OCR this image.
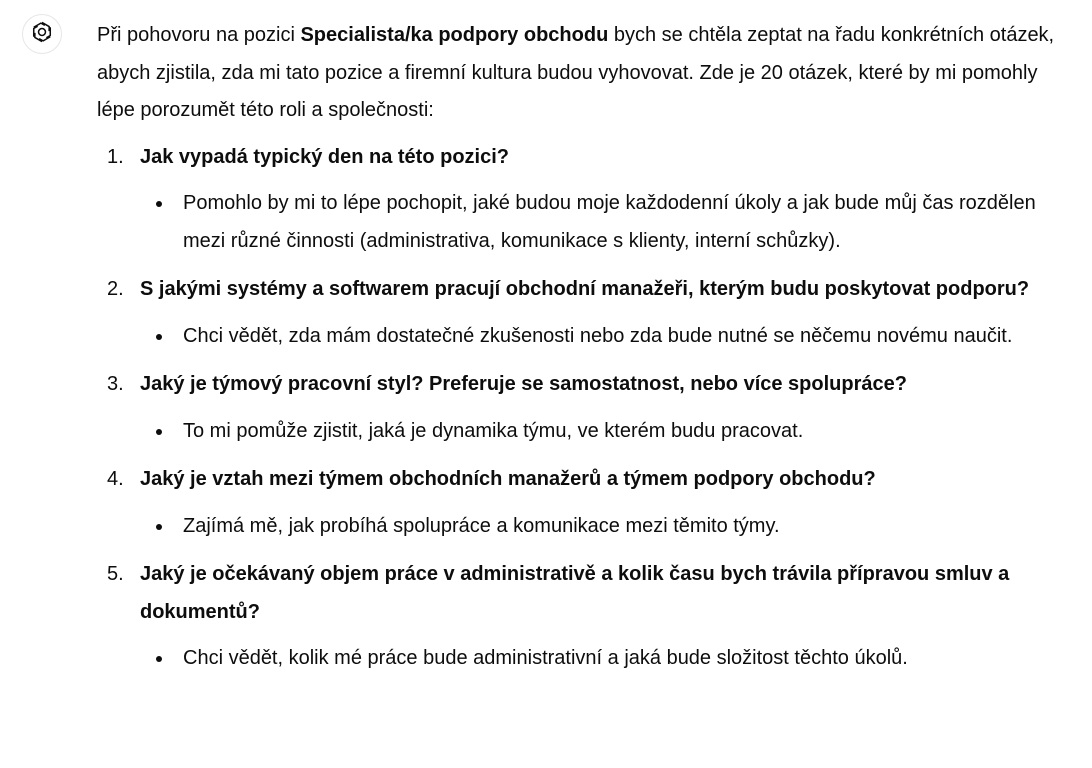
Při pohovoru na pozici Specialista/ka podpory obchodu bych se chtěla zeptat na řadu konkrétních otázek, abych zjistila, zda mi tato pozice a firemní kultura budou vyhovovat. Zde je 20 otázek, které by mi pomohly lépe porozumět této roli a společnosti:

1. Jak vypadá typický den na této pozici?
Pomohlo by mi to lépe pochopit, jaké budou moje každodenní úkoly a jak bude můj čas rozdělen mezi různé činnosti (administrativa, komunikace s klienty, interní schůzky).
2. S jakými systémy a softwarem pracují obchodní manažeři, kterým budu poskytovat podporu?
Chci vědět, zda mám dostatečné zkušenosti nebo zda bude nutné se něčemu novému naučit.
3. Jaký je týmový pracovní styl? Preferuje se samostatnost, nebo více spolupráce?
To mi pomůže zjistit, jaká je dynamika týmu, ve kterém budu pracovat.
4. Jaký je vztah mezi týmem obchodních manažerů a týmem podpory obchodu?
Zajímá mě, jak probíhá spolupráce a komunikace mezi těmito týmy.
5. Jaký je očekávaný objem práce v administrativě a kolik času bych trávila přípravou smluv a dokumentů?
Chci vědět, kolik mé práce bude administrativní a jaká bude složitost těchto úkolů.
